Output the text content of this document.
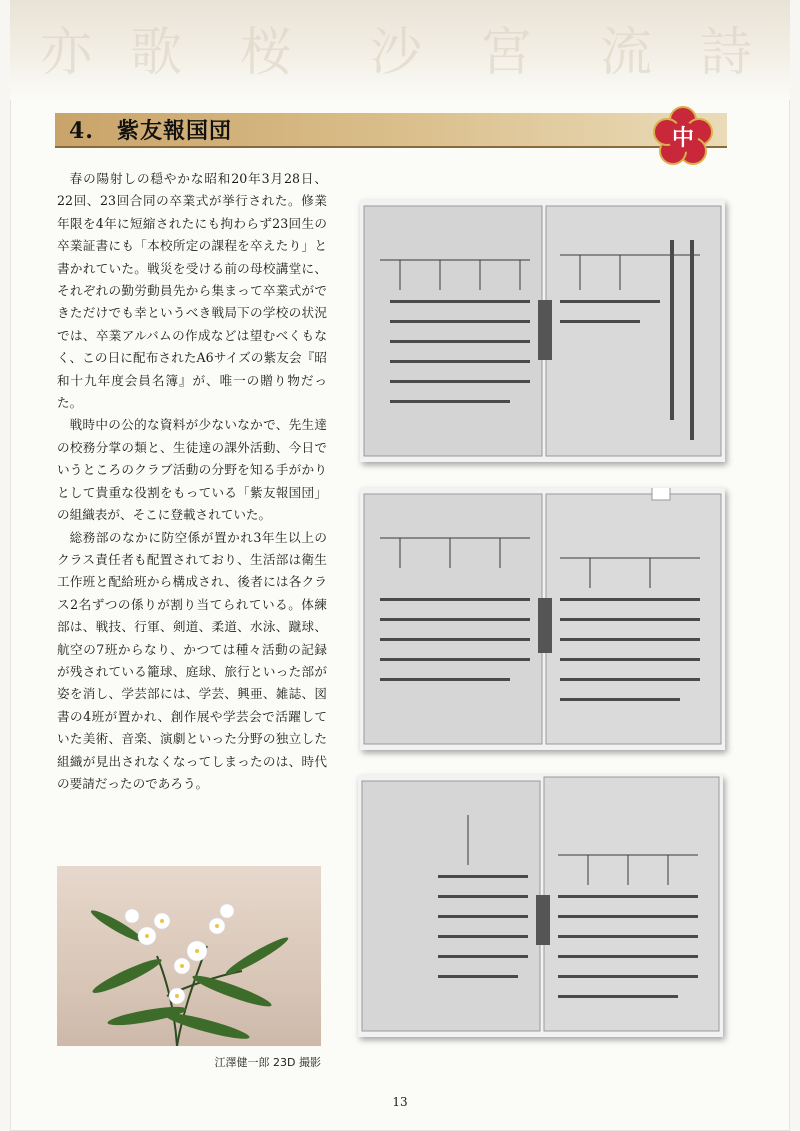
亦 歌 桜 沙 宮 流 詩
4.　紫友報国団	中

春の陽射しの穏やかな昭和20年3月28日、22回、23回合同の卒業式が挙行された。修業年限を4年に短縮されたにも拘わらず23回生の卒業証書にも「本校所定の課程を卒えたり」と書かれていた。戦災を受ける前の母校講堂に、それぞれの勤労動員先から集まって卒業式ができただけでも幸というべき戦局下の学校の状況では、卒業アルバムの作成などは望むべくもなく、この日に配布されたA6サイズの紫友会『昭和十九年度会員名簿』が、唯一の贈り物だった。

戦時中の公的な資料が少ないなかで、先生達の校務分掌の類と、生徒達の課外活動、今日でいうところのクラブ活動の分野を知る手がかりとして貴重な役割をもっている「紫友報国団」の組織表が、そこに登載されていた。

総務部のなかに防空係が置かれ3年生以上のクラス責任者も配置されており、生活部は衛生工作班と配給班から構成され、後者には各クラス2名ずつの係りが割り当てられている。体練部は、戦技、行軍、剣道、柔道、水泳、蹴球、航空の7班からなり、かつては種々活動の記録が残されている籠球、庭球、旅行といった部が姿を消し、学芸部には、学芸、興亜、雑誌、図書の4班が置かれ、創作展や学芸会で活躍していた美術、音楽、演劇といった分野の独立した組織が見出されなくなってしまったのは、時代の要請だったのであろう。

江澤健一郎 23D 撮影
13
